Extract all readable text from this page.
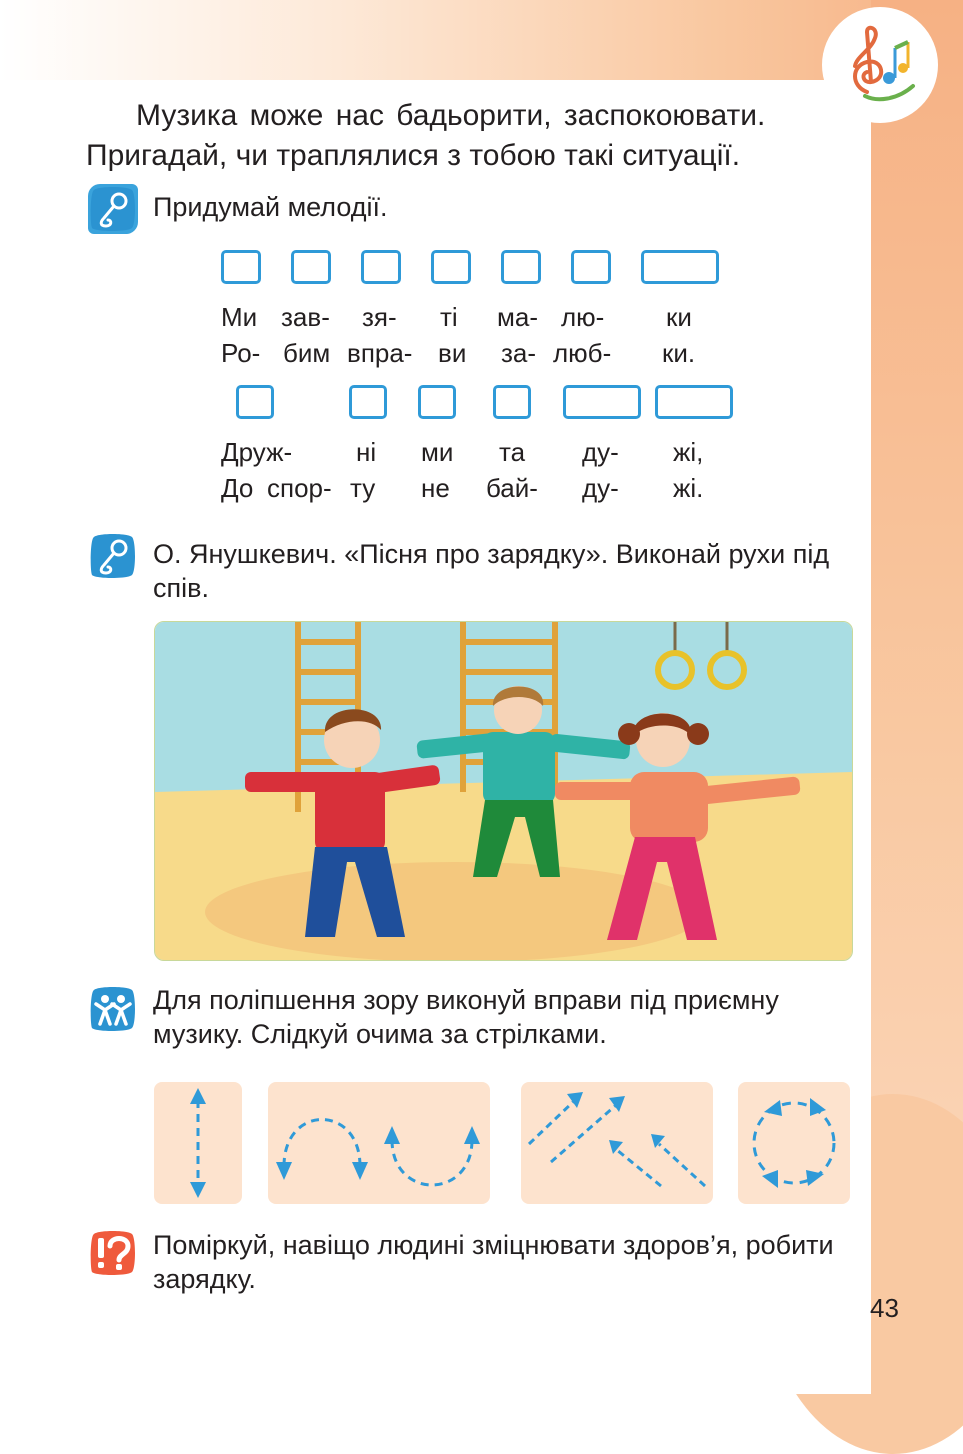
Музика може нас бадьорити, заспокоювати.
Пригадай, чи траплялися з тобою такі ситуації.
Придумай мелодії.
Ми зав- зя- ті ма- лю- ки
Ро- бим впра- ви за- люб- ки.
Друж- ні ми та ду- жі,
До спор- ту не бай- ду- жі.
О. Янушкевич. «Пісня про зарядку». Виконай рухи під спів.
Для поліпшення зору виконуй вправи під приємну музику. Слідкуй очима за стрілками.
Поміркуй, навіщо людині зміцнювати здоров’я, робити зарядку.
43
